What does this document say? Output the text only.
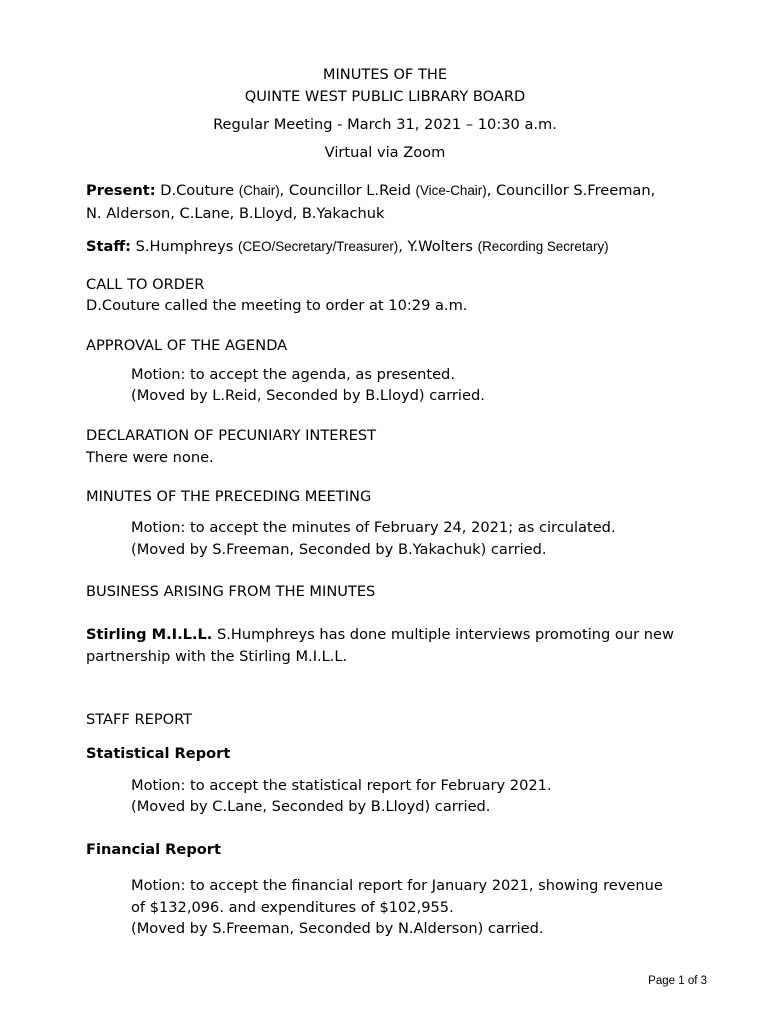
MINUTES OF THE
QUINTE WEST PUBLIC LIBRARY BOARD
Regular Meeting - March 31, 2021 – 10:30 a.m.
Virtual via Zoom
Present: D.Couture (Chair), Councillor L.Reid (Vice-Chair), Councillor S.Freeman,
N. Alderson, C.Lane, B.Lloyd, B.Yakachuk
Staff: S.Humphreys (CEO/Secretary/Treasurer), Y.Wolters (Recording Secretary)
CALL TO ORDER
D.Couture called the meeting to order at 10:29 a.m.
APPROVAL OF THE AGENDA
Motion: to accept the agenda, as presented.
(Moved by L.Reid, Seconded by B.Lloyd) carried.
DECLARATION OF PECUNIARY INTEREST
There were none.
MINUTES OF THE PRECEDING MEETING
Motion: to accept the minutes of February 24, 2021; as circulated.
(Moved by S.Freeman, Seconded by B.Yakachuk) carried.
BUSINESS ARISING FROM THE MINUTES
Stirling M.I.L.L. S.Humphreys has done multiple interviews promoting our new
partnership with the Stirling M.I.L.L.
STAFF REPORT
Statistical Report
Motion: to accept the statistical report for February 2021.
(Moved by C.Lane, Seconded by B.Lloyd) carried.
Financial Report
Motion: to accept the financial report for January 2021, showing revenue
of $132,096. and expenditures of $102,955.
(Moved by S.Freeman, Seconded by N.Alderson) carried.
Page 1 of 3
